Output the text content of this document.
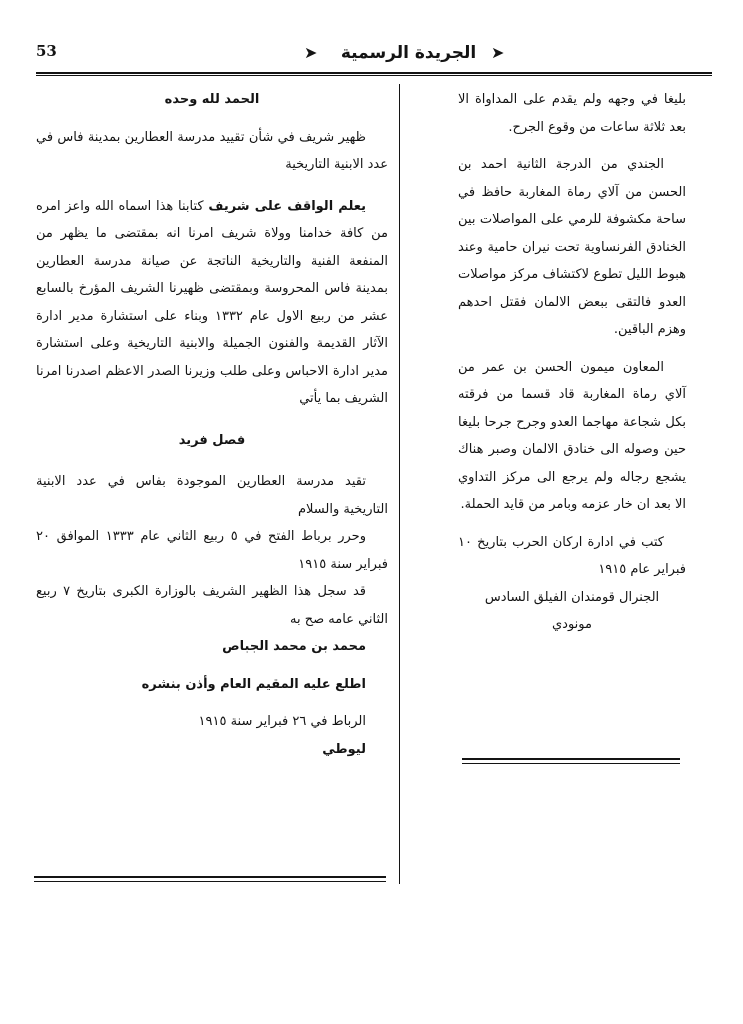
53	➤	الجريدة الرسمية ➤

بليغا في وجهه ولم يقدم على المداواة الا بعد ثلاثة ساعات من وقوع الجرح.

الجندي من الدرجة الثانية احمد بن الحسن من آلاي رماة المغاربة حافظ في ساحة مكشوفة للرمي على المواصلات بين الخنادق الفرنساوية تحت نيران حامية وعند هبوط الليل تطوع لاكتشاف مركز مواصلات العدو فالتقى ببعض الالمان فقتل احدهم وهزم الباقين.

المعاون ميمون الحسن بن عمر من آلاي رماة المغاربة قاد قسما من فرقته بكل شجاعة مهاجما العدو وجرح جرحا بليغا حين وصوله الى خنادق الالمان وصبر هناك يشجع رجاله ولم يرجع الى مركز التداوي الا بعد ان خار عزمه وبامر من قايد الحملة.

كتب في ادارة اركان الحرب بتاريخ ١٠ فبراير عام ١٩١٥

الجنرال قومندان الفيلق السادس

مونودي

الحمد لله وحده

ظهير شريف في شأن تقييد مدرسة العطارين بمدينة فاس في عدد الابنية التاريخية

يعلم الواقف على شريف كتابنا هذا اسماه الله واعز امره من كافة خدامنا وولاة شريف امرنا انه بمقتضى ما يظهر من المنفعة الفنية والتاريخية الناتجة عن صيانة مدرسة العطارين بمدينة فاس المحروسة وبمقتضى ظهيرنا الشريف المؤرخ بالسابع عشر من ربيع الاول عام ١٣٣٢ وبناء على استشارة مدير ادارة الآثار القديمة والفنون الجميلة والابنية التاريخية وعلى استشارة مدير ادارة الاحباس وعلى طلب وزيرنا الصدر الاعظم اصدرنا امرنا الشريف بما يأتي

فصل فريد

تقيد مدرسة العطارين الموجودة بفاس في عدد الابنية التاريخية والسلام

وحرر برباط الفتح في ٥ ربيع الثاني عام ١٣٣٣ الموافق ٢٠ فبراير سنة ١٩١٥

قد سجل هذا الظهير الشريف بالوزارة الكبرى بتاريخ ٧ ربيع الثاني عامه صح به

محمد بن محمد الجباص

اطلع عليه المقيم العام وأذن بنشره

الرباط في ٢٦ فبراير سنة ١٩١٥

ليوطي
